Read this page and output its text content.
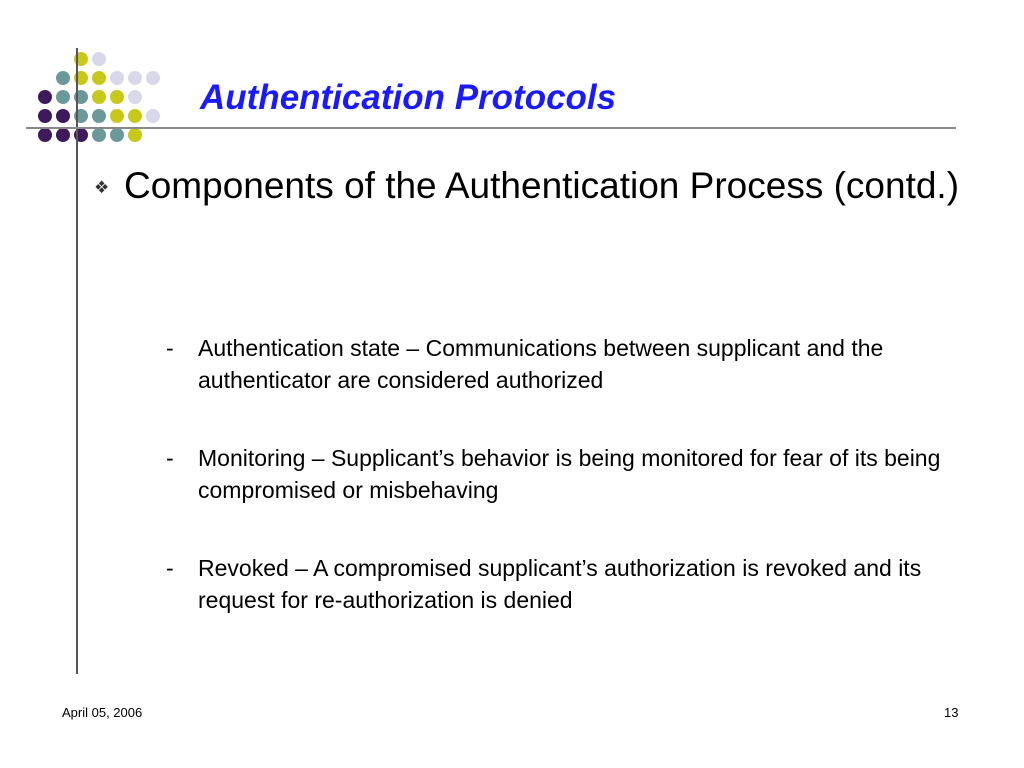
Authentication Protocols
❖ Components of the Authentication Process (contd.)

- Authentication state – Communications between supplicant and the authenticator are considered authorized

- Monitoring – Supplicant’s behavior is being monitored for fear of its being compromised or misbehaving

- Revoked – A compromised supplicant’s authorization is revoked and its request for re-authorization is denied

April 05, 2006	13
